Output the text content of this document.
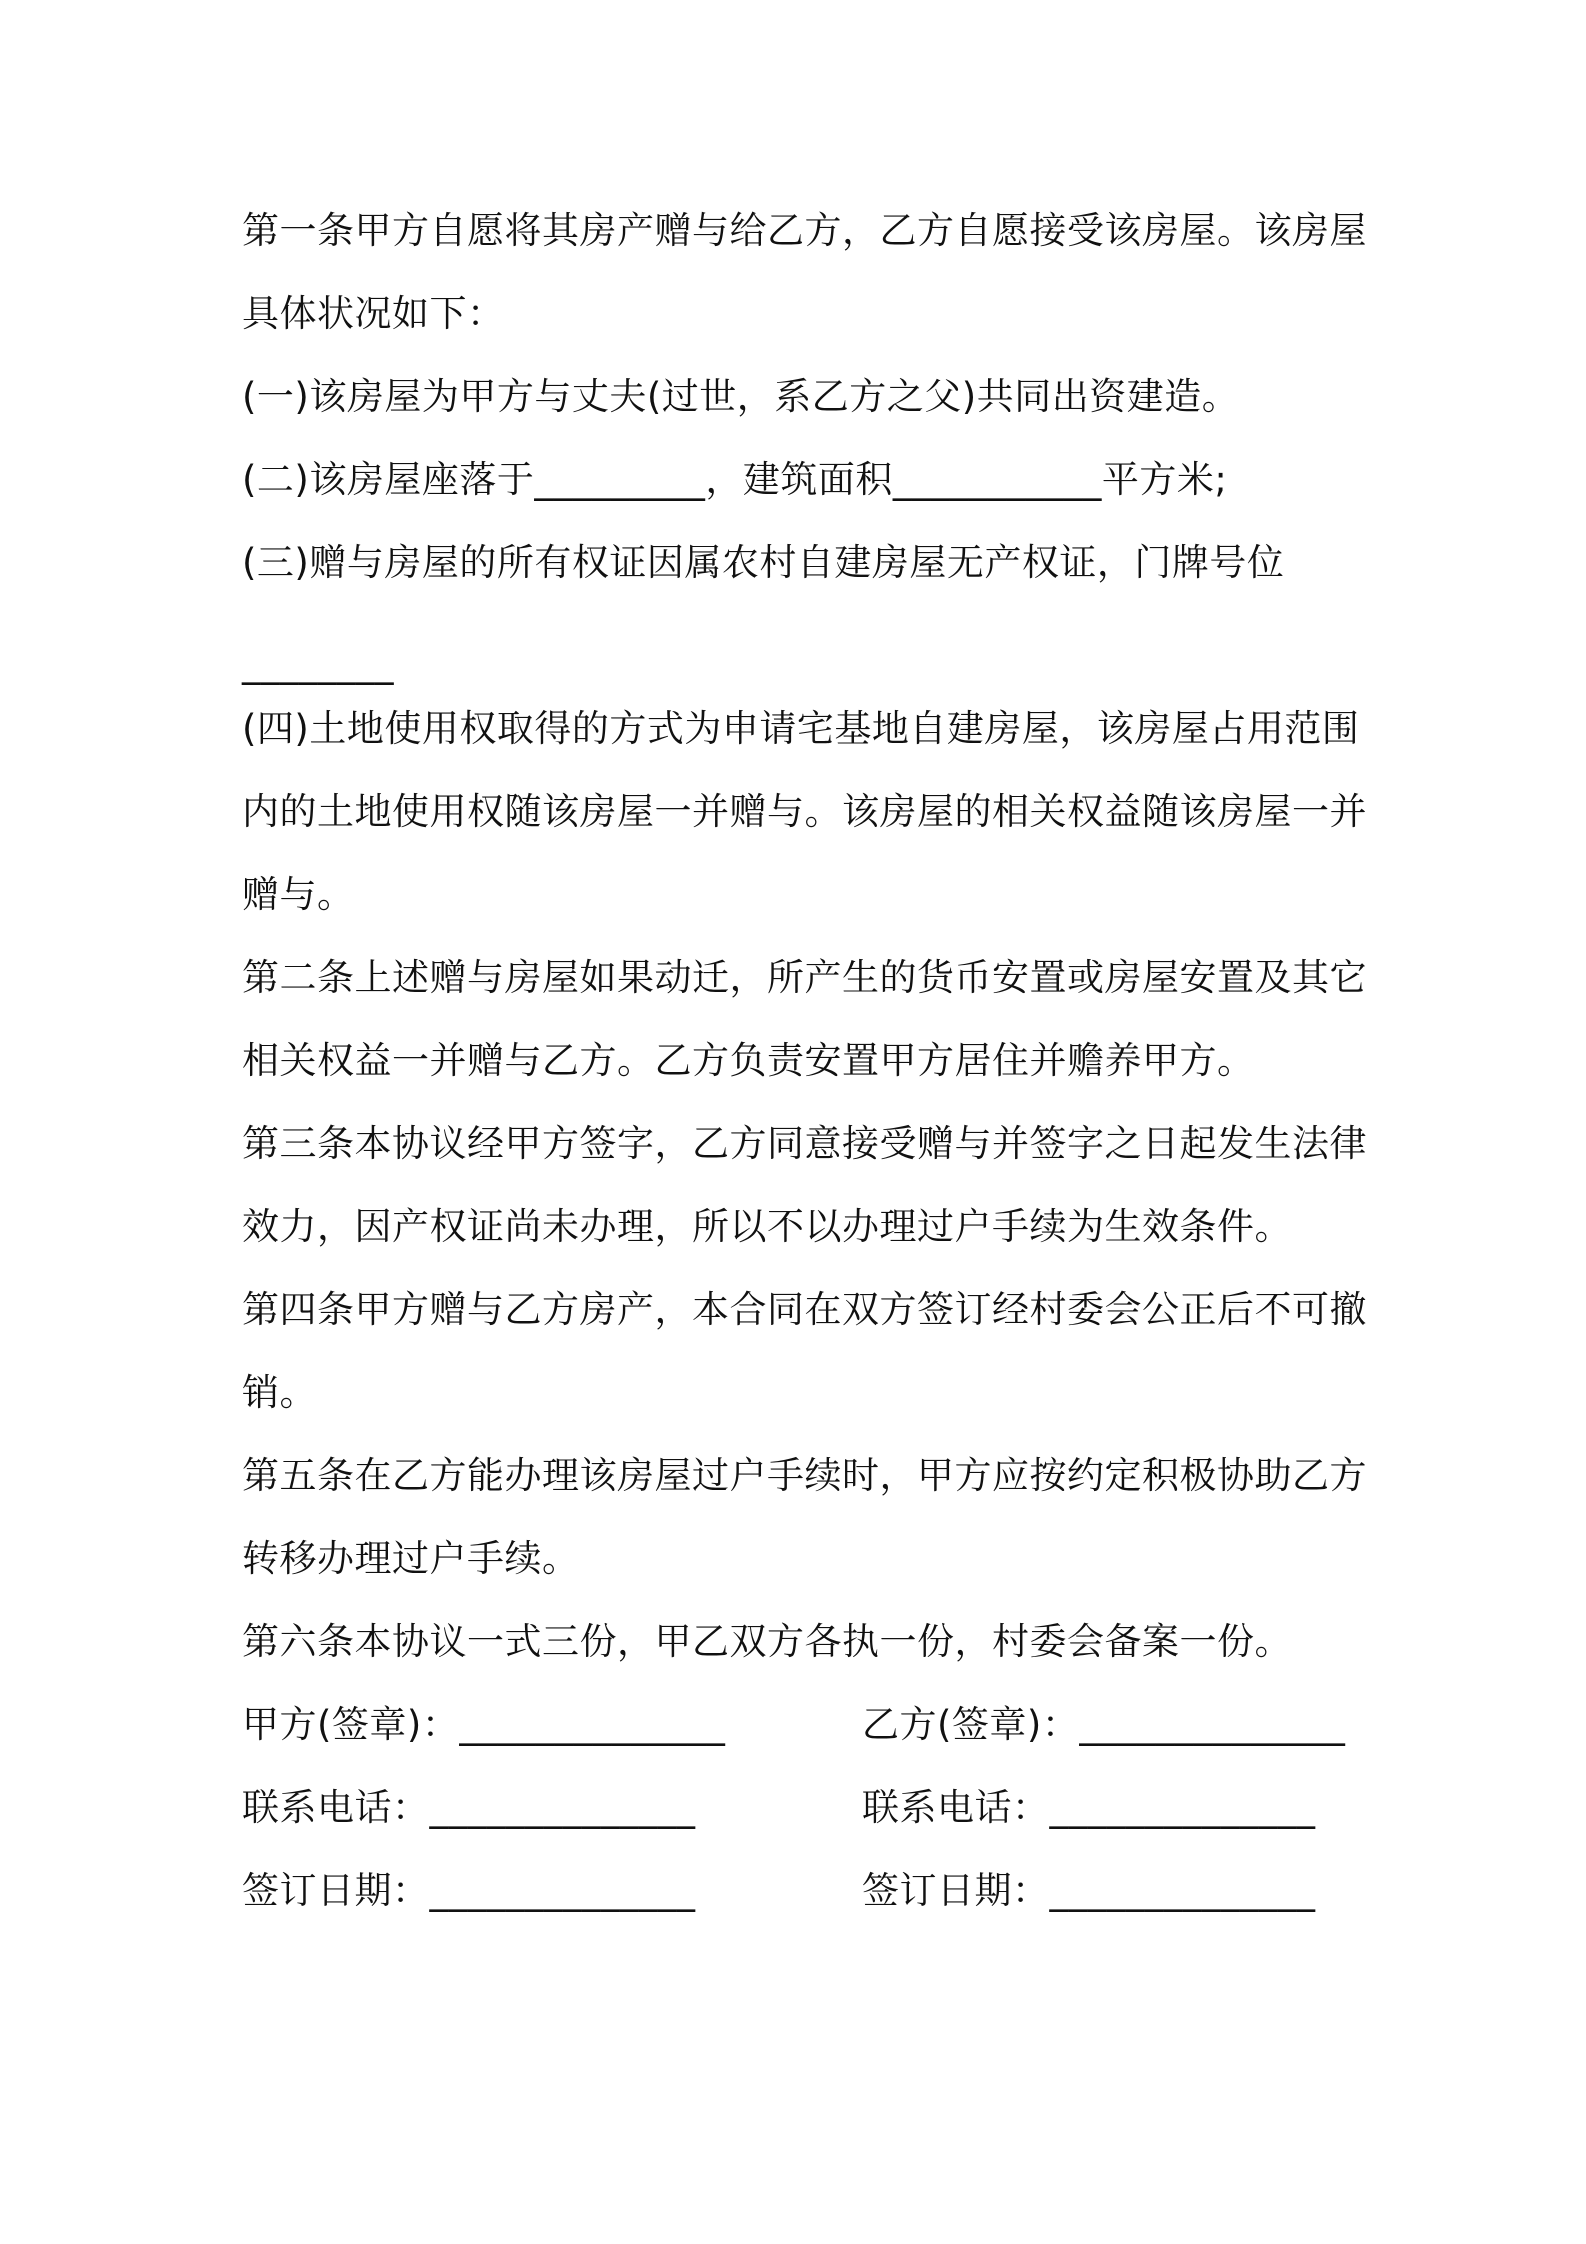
第一条甲方自愿将其房产赠与给乙方，乙方自愿接受该房屋。该房屋
具体状况如下：
(一)该房屋为甲方与丈夫(过世，系乙方之父)共同出资建造。
(二)该房屋座落于_________，建筑面积___________平方米;
(三)赠与房屋的所有权证因属农村自建房屋无产权证，门牌号位
________
(四)土地使用权取得的方式为申请宅基地自建房屋，该房屋占用范围
内的土地使用权随该房屋一并赠与。该房屋的相关权益随该房屋一并
赠与。
第二条上述赠与房屋如果动迁，所产生的货币安置或房屋安置及其它
相关权益一并赠与乙方。乙方负责安置甲方居住并赡养甲方。
第三条本协议经甲方签字，乙方同意接受赠与并签字之日起发生法律
效力，因产权证尚未办理，所以不以办理过户手续为生效条件。
第四条甲方赠与乙方房产，本合同在双方签订经村委会公正后不可撤
销。
第五条在乙方能办理该房屋过户手续时，甲方应按约定积极协助乙方
转移办理过户手续。
第六条本协议一式三份，甲乙双方各执一份，村委会备案一份。
甲方(签章)：______________	乙方(签章)：______________
联系电话：______________	联系电话：______________
签订日期：______________	签订日期：______________
